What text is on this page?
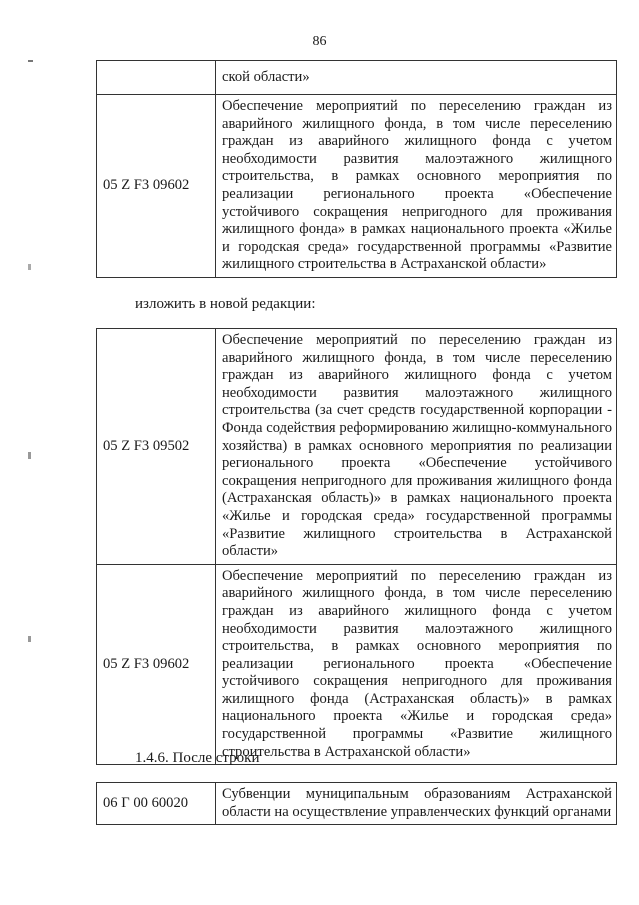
86
	ской области»
05 Z F3 09602	Обеспечение мероприятий по переселению граждан из аварийного жилищного фонда, в том числе переселению граждан из аварийного жилищного фонда с учетом необходимости развития малоэтажного жилищного строительства, в рамках основного мероприятия по реализации регионального проекта «Обеспечение устойчивого сокращения непригодного для проживания жилищного фонда» в рамках национального проекта «Жилье и городская среда» государственной программы «Развитие жилищного строительства в Астраханской области»
изложить в новой редакции:
05 Z F3 09502	Обеспечение мероприятий по переселению граждан из аварийного жилищного фонда, в том числе переселению граждан из аварийного жилищного фонда с учетом необходимости развития малоэтажного жилищного строительства (за счет средств государственной корпорации - Фонда содействия реформированию жилищно-коммунального хозяйства) в рамках основного мероприятия по реализации регионального проекта «Обеспечение устойчивого сокращения непригодного для проживания жилищного фонда (Астраханская область)» в рамках национального проекта «Жилье и городская среда» государственной программы «Развитие жилищного строительства в Астраханской области»
05 Z F3 09602	Обеспечение мероприятий по переселению граждан из аварийного жилищного фонда, в том числе переселению граждан из аварийного жилищного фонда с учетом необходимости развития малоэтажного жилищного строительства, в рамках основного мероприятия по реализации регионального проекта «Обеспечение устойчивого сокращения непригодного для проживания жилищного фонда (Астраханская область)» в рамках национального проекта «Жилье и городская среда» государственной программы «Развитие жилищного строительства в Астраханской области»
1.4.6. После строки
06 Г 00 60020	Субвенции муниципальным образованиям Астраханской области на осуществление управленческих функций органами
